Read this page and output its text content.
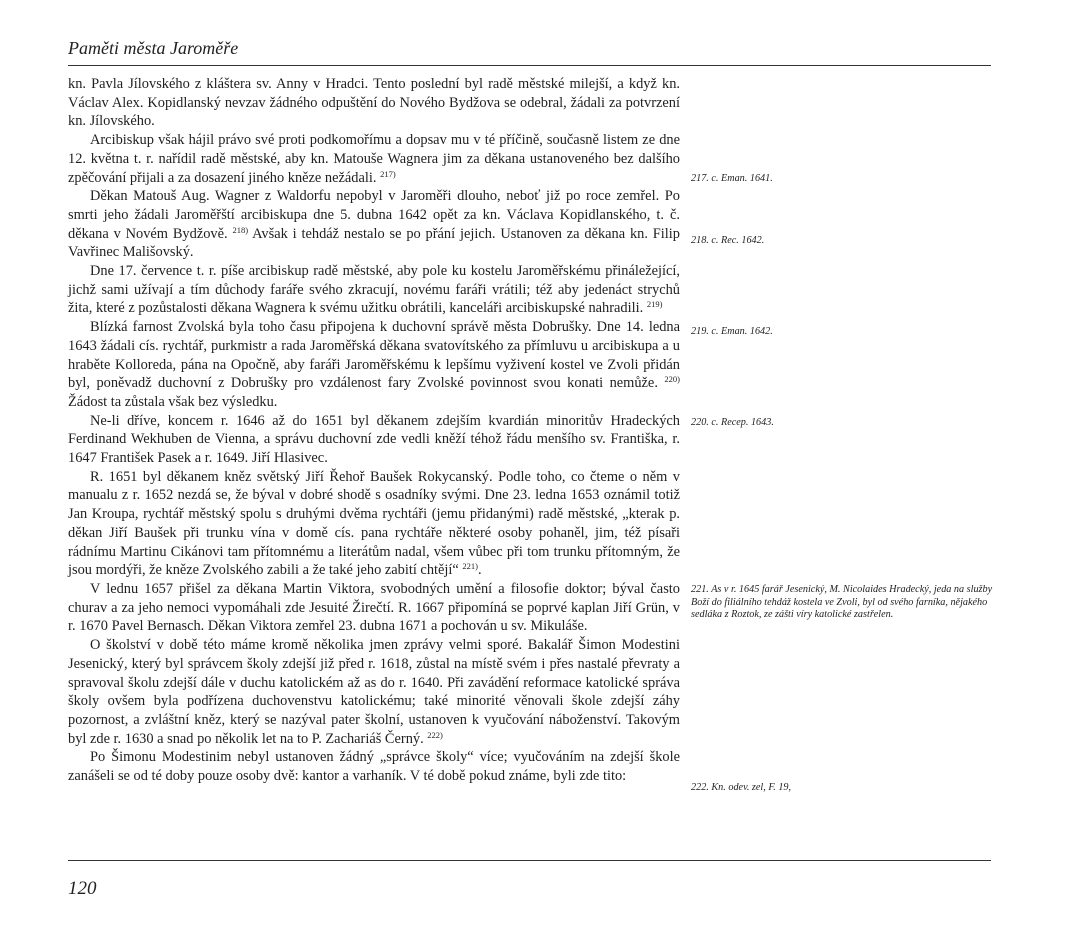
Paměti města Jaroměře

kn. Pavla Jílovského z kláštera sv. Anny v Hradci. Tento poslední byl radě městské milejší, a když kn. Václav Alex. Kopidlanský nevzav žádného odpuštění do Nového Bydžova se odebral, žádali za potvrzení kn. Jílovského.

Arcibiskup však hájil právo své proti podkomořímu a dopsav mu v té příčině, současně listem ze dne 12. května t. r. nařídil radě městské, aby kn. Matouše Wagnera jim za děkana ustanoveného bez dalšího zpěčování přijali a za dosazení jiného kněze nežádali. $^{217)}$

Děkan Matouš Aug. Wagner z Waldorfu nepobyl v Jaroměři dlouho, neboť již po roce zemřel. Po smrti jeho žádali Jaroměřští arcibiskupa dne 5. dubna 1642 opět za kn. Václava Kopidlanského, t. č. děkana v Novém Bydžově. $^{218)}$ Avšak i tehdáž nestalo se po přání jejich. Ustanoven za děkana kn. Filip Vavřinec Mališovský.

Dne 17. července t. r. píše arcibiskup radě městské, aby pole ku kostelu Jaroměřskému přináležející, jichž sami užívají a tím důchody faráře svého zkracují, novému faráři vrátili; též aby jedenáct strychů žita, které z pozůstalosti děkana Wagnera k svému užitku obrátili, kanceláři arcibiskupské nahradili. $^{219)}$

Blízká farnost Zvolská byla toho času připojena k duchovní správě města Dobrušky. Dne 14. ledna 1643 žádali cís. rychtář, purkmistr a rada Jaroměřská děkana svatovítského za přímluvu u arcibiskupa a u hraběte Kolloreda, pána na Opočně, aby faráři Jaroměřskému k lepšímu vyživení kostel ve Zvoli přidán byl, poněvadž duchovní z Dobrušky pro vzdálenost fary Zvolské povinnost svou konati nemůže. $^{220)}$ Žádost ta zůstala však bez výsledku.

Ne-li dříve, koncem r. 1646 až do 1651 byl děkanem zdejším kvardián minoritův Hradeckých Ferdinand Wekhuben de Vienna, a správu duchovní zde vedli kněží téhož řádu menšího sv. Františka, r. 1647 František Pasek a r. 1649. Jiří Hlasivec.

R. 1651 byl děkanem kněz světský Jiří Řehoř Baušek Rokycanský. Podle toho, co čteme o něm v manualu z r. 1652 nezdá se, že býval v dobré shodě s osadníky svými. Dne 23. ledna 1653 oznámil totiž Jan Kroupa, rychtář městský spolu s druhými dvěma rychtáři (jemu přidanými) radě městské, „kterak p. děkan Jiří Baušek při trunku vína v domě cís. pana rychtáře některé osoby pohaněl, jim, též písaři rádnímu Martinu Cikánovi tam přítomnému a literátům nadal, všem vůbec při tom trunku přítomným, že jsou mordýři, že kněze Zvolského zabili a že také jeho zabití chtějí“ $^{221)}$.

V lednu 1657 přišel za děkana Martin Viktora, svobodných umění a filosofie doktor; býval často churav a za jeho nemoci vypomáhali zde Jesuité Žirečtí. R. 1667 připomíná se poprvé kaplan Jiří Grün, v r. 1670 Pavel Bernasch. Děkan Viktora zemřel 23. dubna 1671 a pochován u sv. Mikuláše.

O školství v době této máme kromě několika jmen zprávy velmi sporé. Bakalář Šimon Modestini Jesenický, který byl správcem školy zdejší již před r. 1618, zůstal na místě svém i přes nastalé převraty a spravoval školu zdejší dále v duchu katolickém až as do r. 1640. Při zavádění reformace katolické správa školy ovšem byla podřízena duchovenstvu katolickému; také minorité věnovali škole zdejší záhy pozornost, a zvláštní kněz, který se nazýval pater školní, ustanoven k vyučování náboženství. Takovým byl zde r. 1630 a snad po několik let na to P. Zachariáš Černý. $^{222)}$

Po Šimonu Modestinim nebyl ustanoven žádný „správce školy“ více; vyučováním na zdejší škole zanášeli se od té doby pouze osoby dvě: kantor a varhaník. V té době pokud známe, byli zde tito:

217. c. Eman. 1641.
218. c. Rec. 1642.
219. c. Eman. 1642.
220. c. Recep. 1643.
221. As v r. 1645 farář Jesenický, M. Nicolaides Hradecký, jeda na služby Boží do filiálního tehdáž kostela ve Zvoli, byl od svého farníka, nějakého sedláka z Roztok, ze zášti víry katolické zastřelen.
222. Kn. odev. zel, F. 19,
120
